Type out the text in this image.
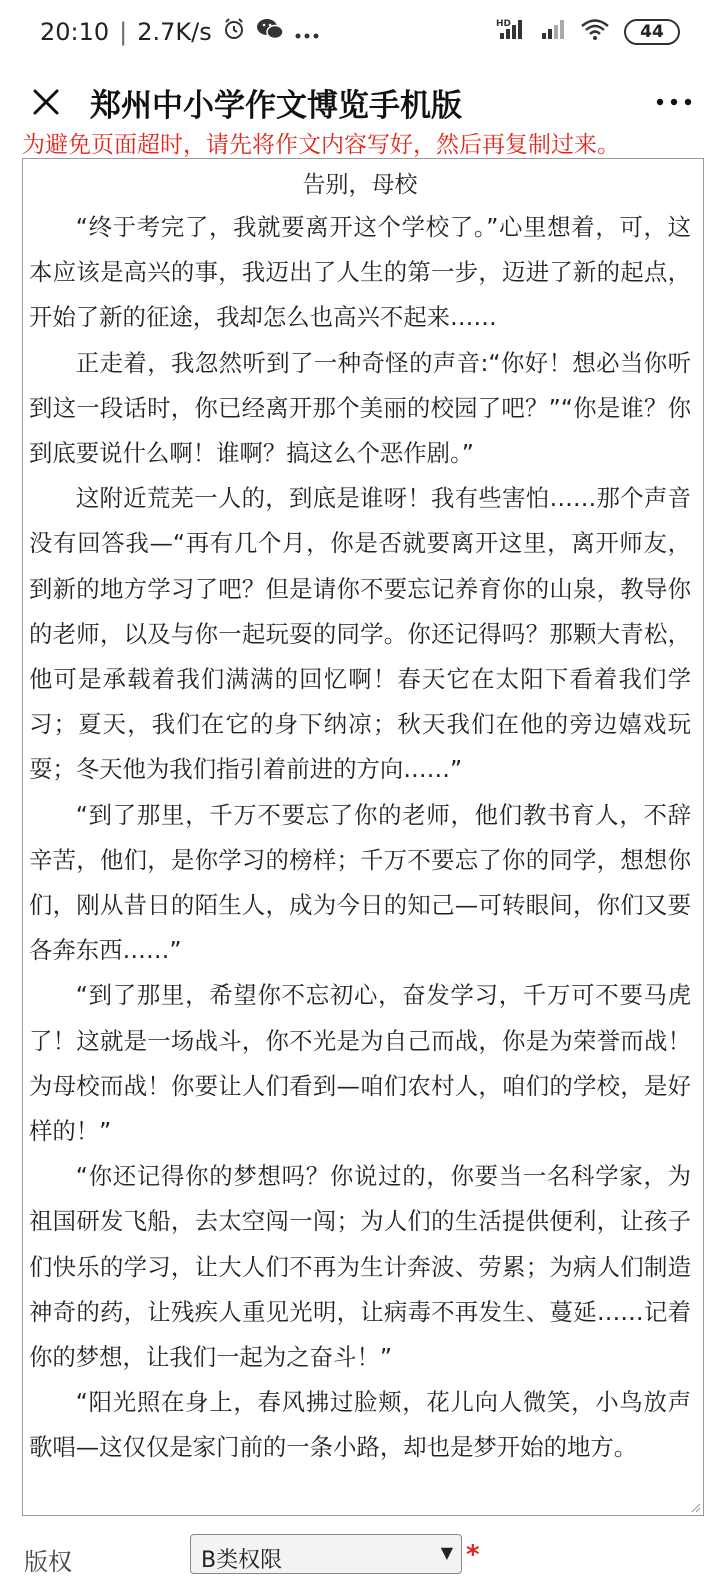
20:10 | 2.7K/s	HD	44
郑州中小学作文博览手机版
为避免页面超时，请先将作文内容写好，然后再复制过来。
告别，母校

“终于考完了，我就要离开这个学校了。”心里想着，可，这本应该是高兴的事，我迈出了人生的第一步，迈进了新的起点，开始了新的征途，我却怎么也高兴不起来……

正走着，我忽然听到了一种奇怪的声音:“你好！想必当你听到这一段话时，你已经离开那个美丽的校园了吧？”“你是谁？你到底要说什么啊！谁啊？搞这么个恶作剧。”

这附近荒芜一人的，到底是谁呀！我有些害怕……那个声音没有回答我—“再有几个月，你是否就要离开这里，离开师友，到新的地方学习了吧？但是请你不要忘记养育你的山泉，教导你的老师，以及与你一起玩耍的同学。你还记得吗？那颗大青松，他可是承载着我们满满的回忆啊！春天它在太阳下看着我们学习；夏天，我们在它的身下纳凉；秋天我们在他的旁边嬉戏玩耍；冬天他为我们指引着前进的方向……”

“到了那里，千万不要忘了你的老师，他们教书育人，不辞辛苦，他们，是你学习的榜样；千万不要忘了你的同学，想想你们，刚从昔日的陌生人，成为今日的知己—可转眼间，你们又要各奔东西……”

“到了那里，希望你不忘初心，奋发学习，千万可不要马虎了！这就是一场战斗，你不光是为自己而战，你是为荣誉而战！为母校而战！你要让人们看到—咱们农村人，咱们的学校，是好样的！”

“你还记得你的梦想吗？你说过的，你要当一名科学家，为祖国研发飞船，去太空闯一闯；为人们的生活提供便利，让孩子们快乐的学习，让大人们不再为生计奔波、劳累；为病人们制造神奇的药，让残疾人重见光明，让病毒不再发生、蔓延……记着你的梦想，让我们一起为之奋斗！”

“阳光照在身上，春风拂过脸颊，花儿向人微笑，小鸟放声歌唱—这仅仅是家门前的一条小路，却也是梦开始的地方。

版权	B类权限	▼ *
